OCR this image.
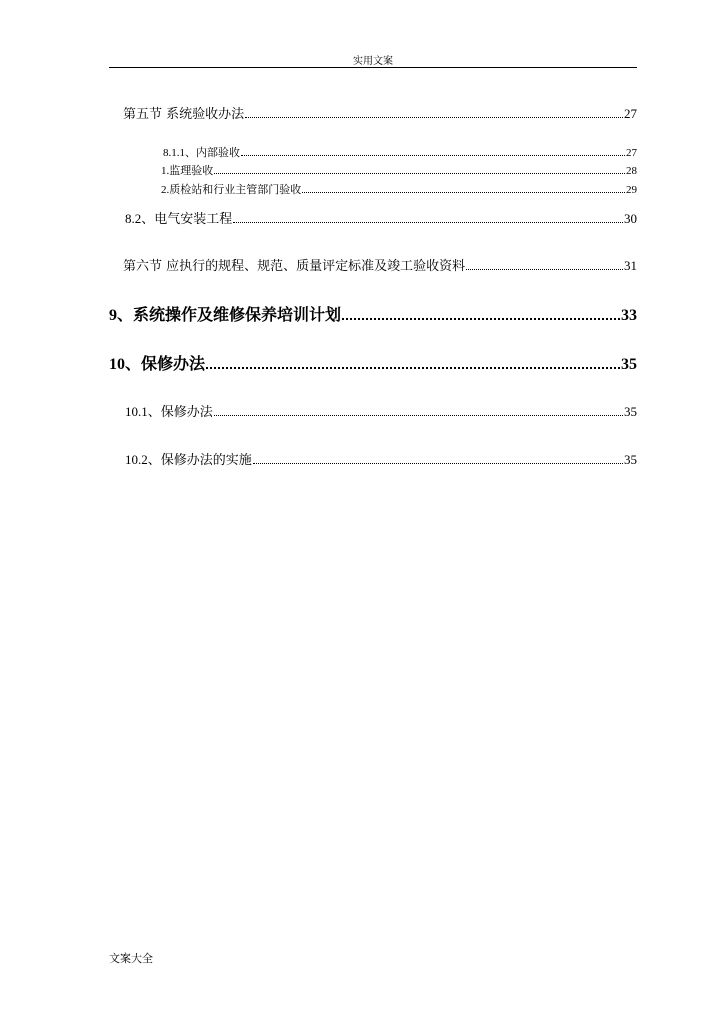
实用文案
第五节 系统验收办法	27
8.1.1、 内部验收	27
1. 监理验收	28
2. 质检站和行业主管部门验收	29
8.2、 电气安装工程	30
第六节 应执行的规程、规范、质量评定标准及竣工验收资料	31
9、 系统操作及维修保养培训计划	33
10、 保修办法	35
10.1、 保修办法	35
10.2、 保修办法的实施	35
文案大全
